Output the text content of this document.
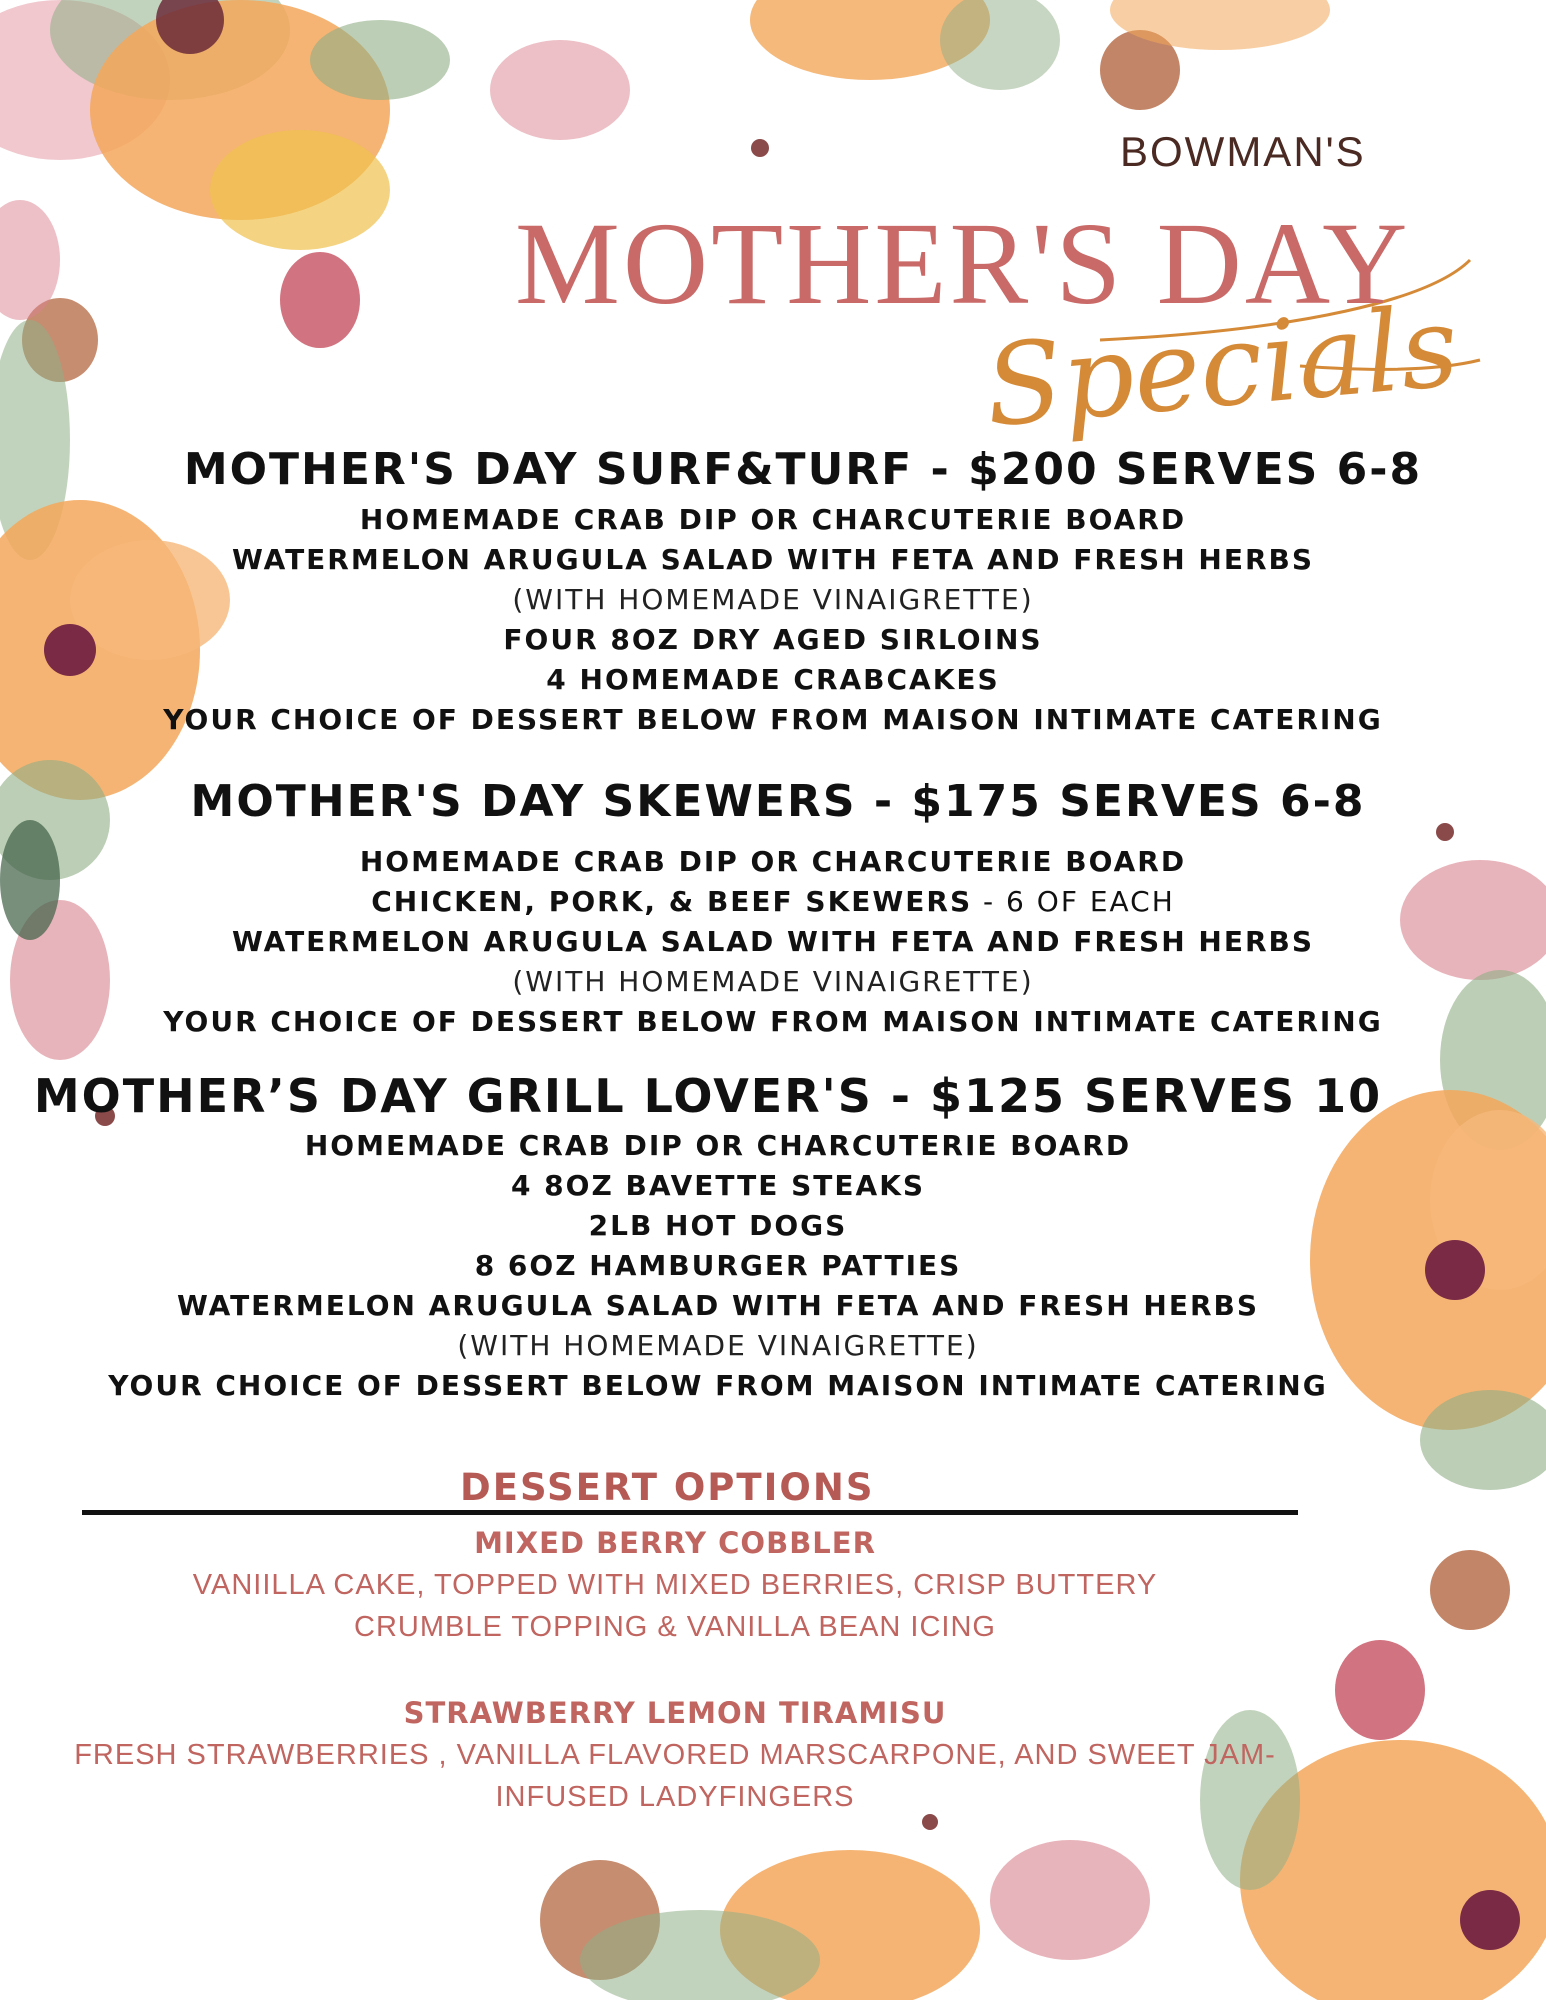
BOWMAN'S
MOTHER'S DAY
Specials
MOTHER'S DAY SURF&TURF - $200 SERVES 6-8
HOMEMADE CRAB DIP OR CHARCUTERIE BOARD
WATERMELON ARUGULA SALAD WITH FETA AND FRESH HERBS
(WITH HOMEMADE VINAIGRETTE)
FOUR 8OZ DRY AGED SIRLOINS
4 HOMEMADE CRABCAKES
YOUR CHOICE OF DESSERT BELOW FROM MAISON INTIMATE CATERING
MOTHER'S DAY SKEWERS - $175 SERVES 6-8
HOMEMADE CRAB DIP OR CHARCUTERIE BOARD
CHICKEN, PORK, & BEEF SKEWERS - 6 OF EACH
WATERMELON ARUGULA SALAD WITH FETA AND FRESH HERBS
(WITH HOMEMADE VINAIGRETTE)
YOUR CHOICE OF DESSERT BELOW FROM MAISON INTIMATE CATERING
MOTHER’S DAY GRILL LOVER'S - $125 SERVES 10
HOMEMADE CRAB DIP OR CHARCUTERIE BOARD
4 8OZ BAVETTE STEAKS
2LB HOT DOGS
8 6OZ HAMBURGER PATTIES
WATERMELON ARUGULA SALAD WITH FETA AND FRESH HERBS
(WITH HOMEMADE VINAIGRETTE)
YOUR CHOICE OF DESSERT BELOW FROM MAISON INTIMATE CATERING
DESSERT OPTIONS
MIXED BERRY COBBLER
VANIILLA CAKE, TOPPED WITH MIXED BERRIES, CRISP BUTTERY
CRUMBLE TOPPING & VANILLA BEAN ICING
STRAWBERRY LEMON TIRAMISU
FRESH STRAWBERRIES , VANILLA FLAVORED MARSCARPONE, AND SWEET JAM-
INFUSED LADYFINGERS
